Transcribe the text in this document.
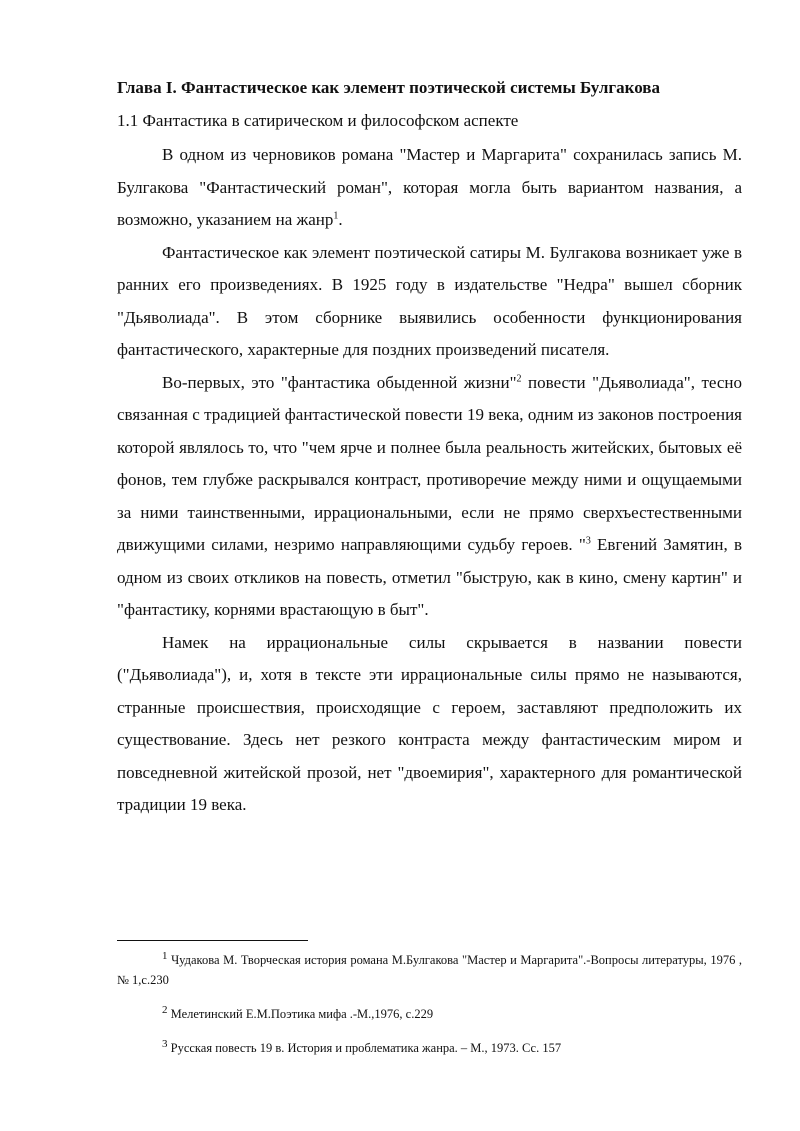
Глава I. Фантастическое как элемент поэтической системы Булгакова
1.1 Фантастика в сатирическом и философском аспекте

В одном из черновиков романа "Мастер и Маргарита" сохранилась запись М. Булгакова "Фантастический роман", которая могла быть вариантом названия, а возможно, указанием на жанр$^1$.

Фантастическое как элемент поэтической сатиры М. Булгакова возникает уже в ранних его произведениях. В 1925 году в издательстве "Недра" вышел сборник "Дьяволиада". В этом сборнике выявились особенности функционирования фантастического, характерные для поздних произведений писателя.

Во-первых, это "фантастика обыденной жизни"$^2$ повести "Дьяволиада", тесно связанная с традицией фантастической повести 19 века, одним из законов построения которой являлось то, что "чем ярче и полнее была реальность житейских, бытовых её фонов, тем глубже раскрывался контраст, противоречие между ними и ощущаемыми за ними таинственными, иррациональными, если не прямо сверхъестественными движущими силами, незримо направляющими судьбу героев. "$^3$ Евгений Замятин, в одном из своих откликов на повесть, отметил "быструю, как в кино, смену картин" и "фантастику, корнями врастающую в быт".

Намек на иррациональные силы скрывается в названии повести ("Дьяволиада"), и, хотя в тексте эти иррациональные силы прямо не называются, странные происшествия, происходящие с героем, заставляют предположить их существование. Здесь нет резкого контраста между фантастическим миром и повседневной житейской прозой, нет "двоемирия", характерного для романтической традиции 19 века.

$^1$ Чудакова М. Творческая история романа М.Булгакова "Мастер и Маргарита".-Вопросы литературы, 1976 ,№ 1,с.230

$^2$ Мелетинский Е.М.Поэтика мифа .-М.,1976, с.229

$^3$ Русская повесть 19 в. История и проблематика жанра. – М., 1973. Сс. 157
